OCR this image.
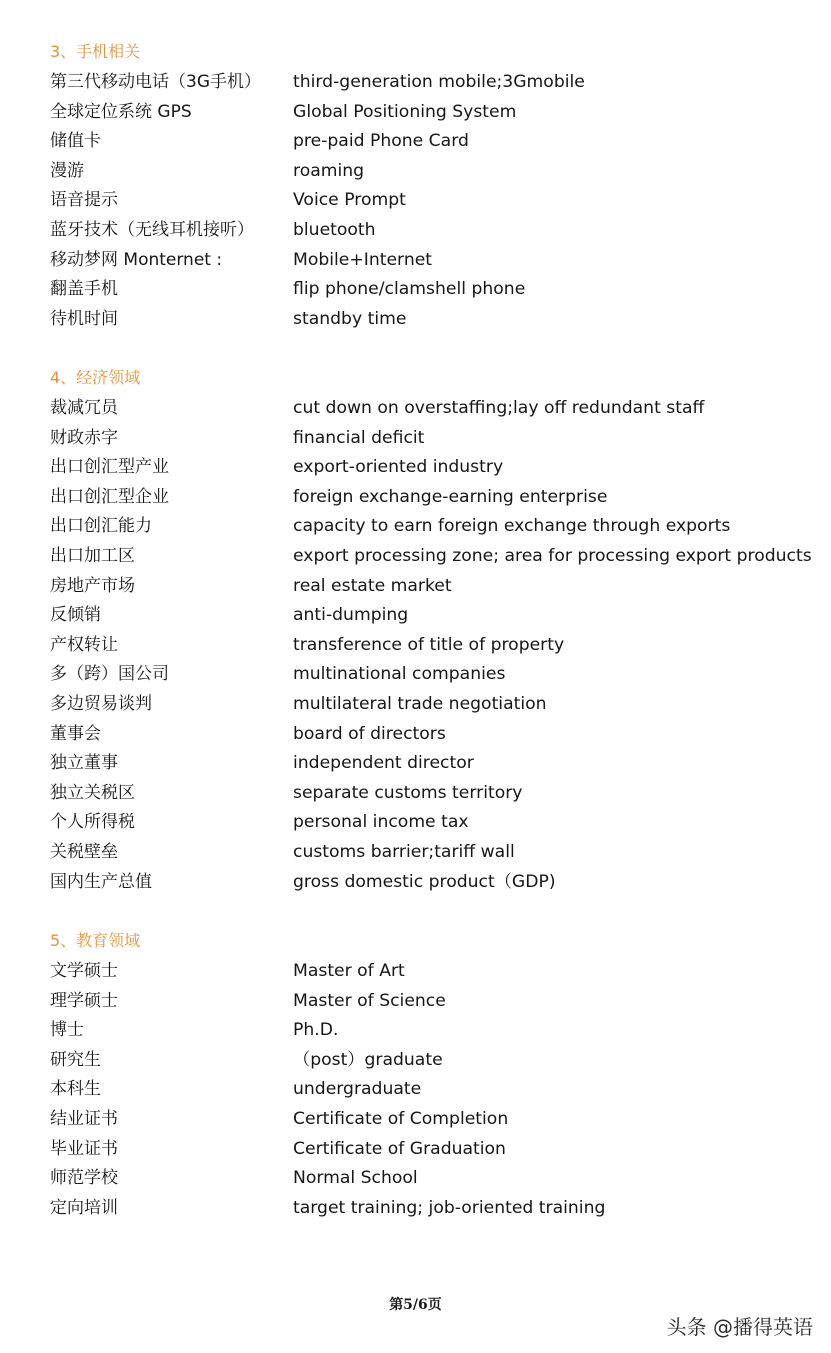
3、手机相关
第三代移动电话（3G手机） third-generation mobile;3Gmobile
全球定位系统 GPS	Global Positioning System
储值卡	pre-paid Phone Card
漫游	roaming
语音提示	Voice Prompt
蓝牙技术（无线耳机接听） bluetooth
移动梦网 Monternet :	Mobile+Internet
翻盖手机	flip phone/clamshell phone
待机时间	standby time
4、经济领域
裁减冗员	cut down on overstaffing;lay off redundant staff
财政赤字	financial deficit
出口创汇型产业	export-oriented industry
出口创汇型企业	foreign exchange-earning enterprise
出口创汇能力	capacity to earn foreign exchange through exports
出口加工区	export processing zone; area for processing export products
房地产市场	real estate market
反倾销	anti-dumping
产权转让	transference of title of property
多（跨）国公司	multinational companies
多边贸易谈判	multilateral trade negotiation
董事会	board of directors
独立董事	independent director
独立关税区	separate customs territory
个人所得税	personal income tax
关税壁垒	customs barrier;tariff wall
国内生产总值	gross domestic product（GDP)
5、教育领域
文学硕士	Master of Art
理学硕士	Master of Science
博士	Ph.D.
研究生	（post）graduate
本科生	undergraduate
结业证书	Certificate of Completion
毕业证书	Certificate of Graduation
师范学校	Normal School
定向培训	target training; job-oriented training
第5/6页
头条 @播得英语
